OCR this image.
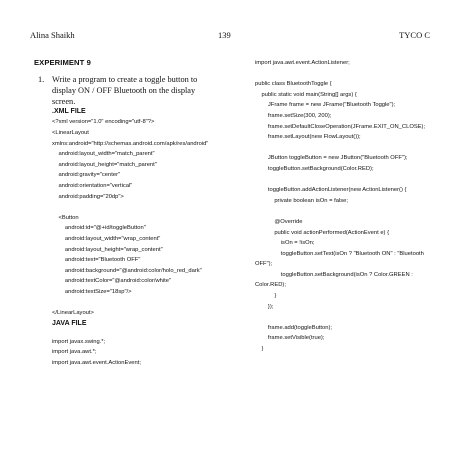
Alina Shaikh	139	TYCO C
EXPERIMENT 9
1. Write a program to create a toggle button to display ON / OFF Bluetooth on the display screen.
.XML FILE
<?xml version="1.0" encoding="utf-8"?>
<LinearLayout
xmlns:android="http://schemas.android.com/apk/res/android"
android:layout_width="match_parent"
android:layout_height="match_parent"
android:gravity="center"
android:orientation="vertical"
android:padding="20dp">

<Button
android:id="@+id/toggleButton"
android:layout_width="wrap_content"
android:layout_height="wrap_content"
android:text="Bluetooth OFF"
android:background="@android:color/holo_red_dark"
android:textColor="@android:color/white"
android:textSize="18sp"/>

</LinearLayout>
JAVA FILE
import javax.swing.*;
import java.awt.*;
import java.awt.event.ActionEvent;
import java.awt.event.ActionListener;

public class BluetoothToggle {
public static void main(String[] args) {
JFrame frame = new JFrame("Bluetooth Toggle");
frame.setSize(300, 200);
frame.setDefaultCloseOperation(JFrame.EXIT_ON_CLOSE);
frame.setLayout(new FlowLayout());

JButton toggleButton = new JButton("Bluetooth OFF");
toggleButton.setBackground(Color.RED);

toggleButton.addActionListener(new ActionListener() {
private boolean isOn = false;

@Override
public void actionPerformed(ActionEvent e) {
isOn = !isOn;
toggleButton.setText(isOn ? "Bluetooth ON" : "Bluetooth
OFF");
toggleButton.setBackground(isOn ? Color.GREEN :
Color.RED);
}
});

frame.add(toggleButton);
frame.setVisible(true);
}
